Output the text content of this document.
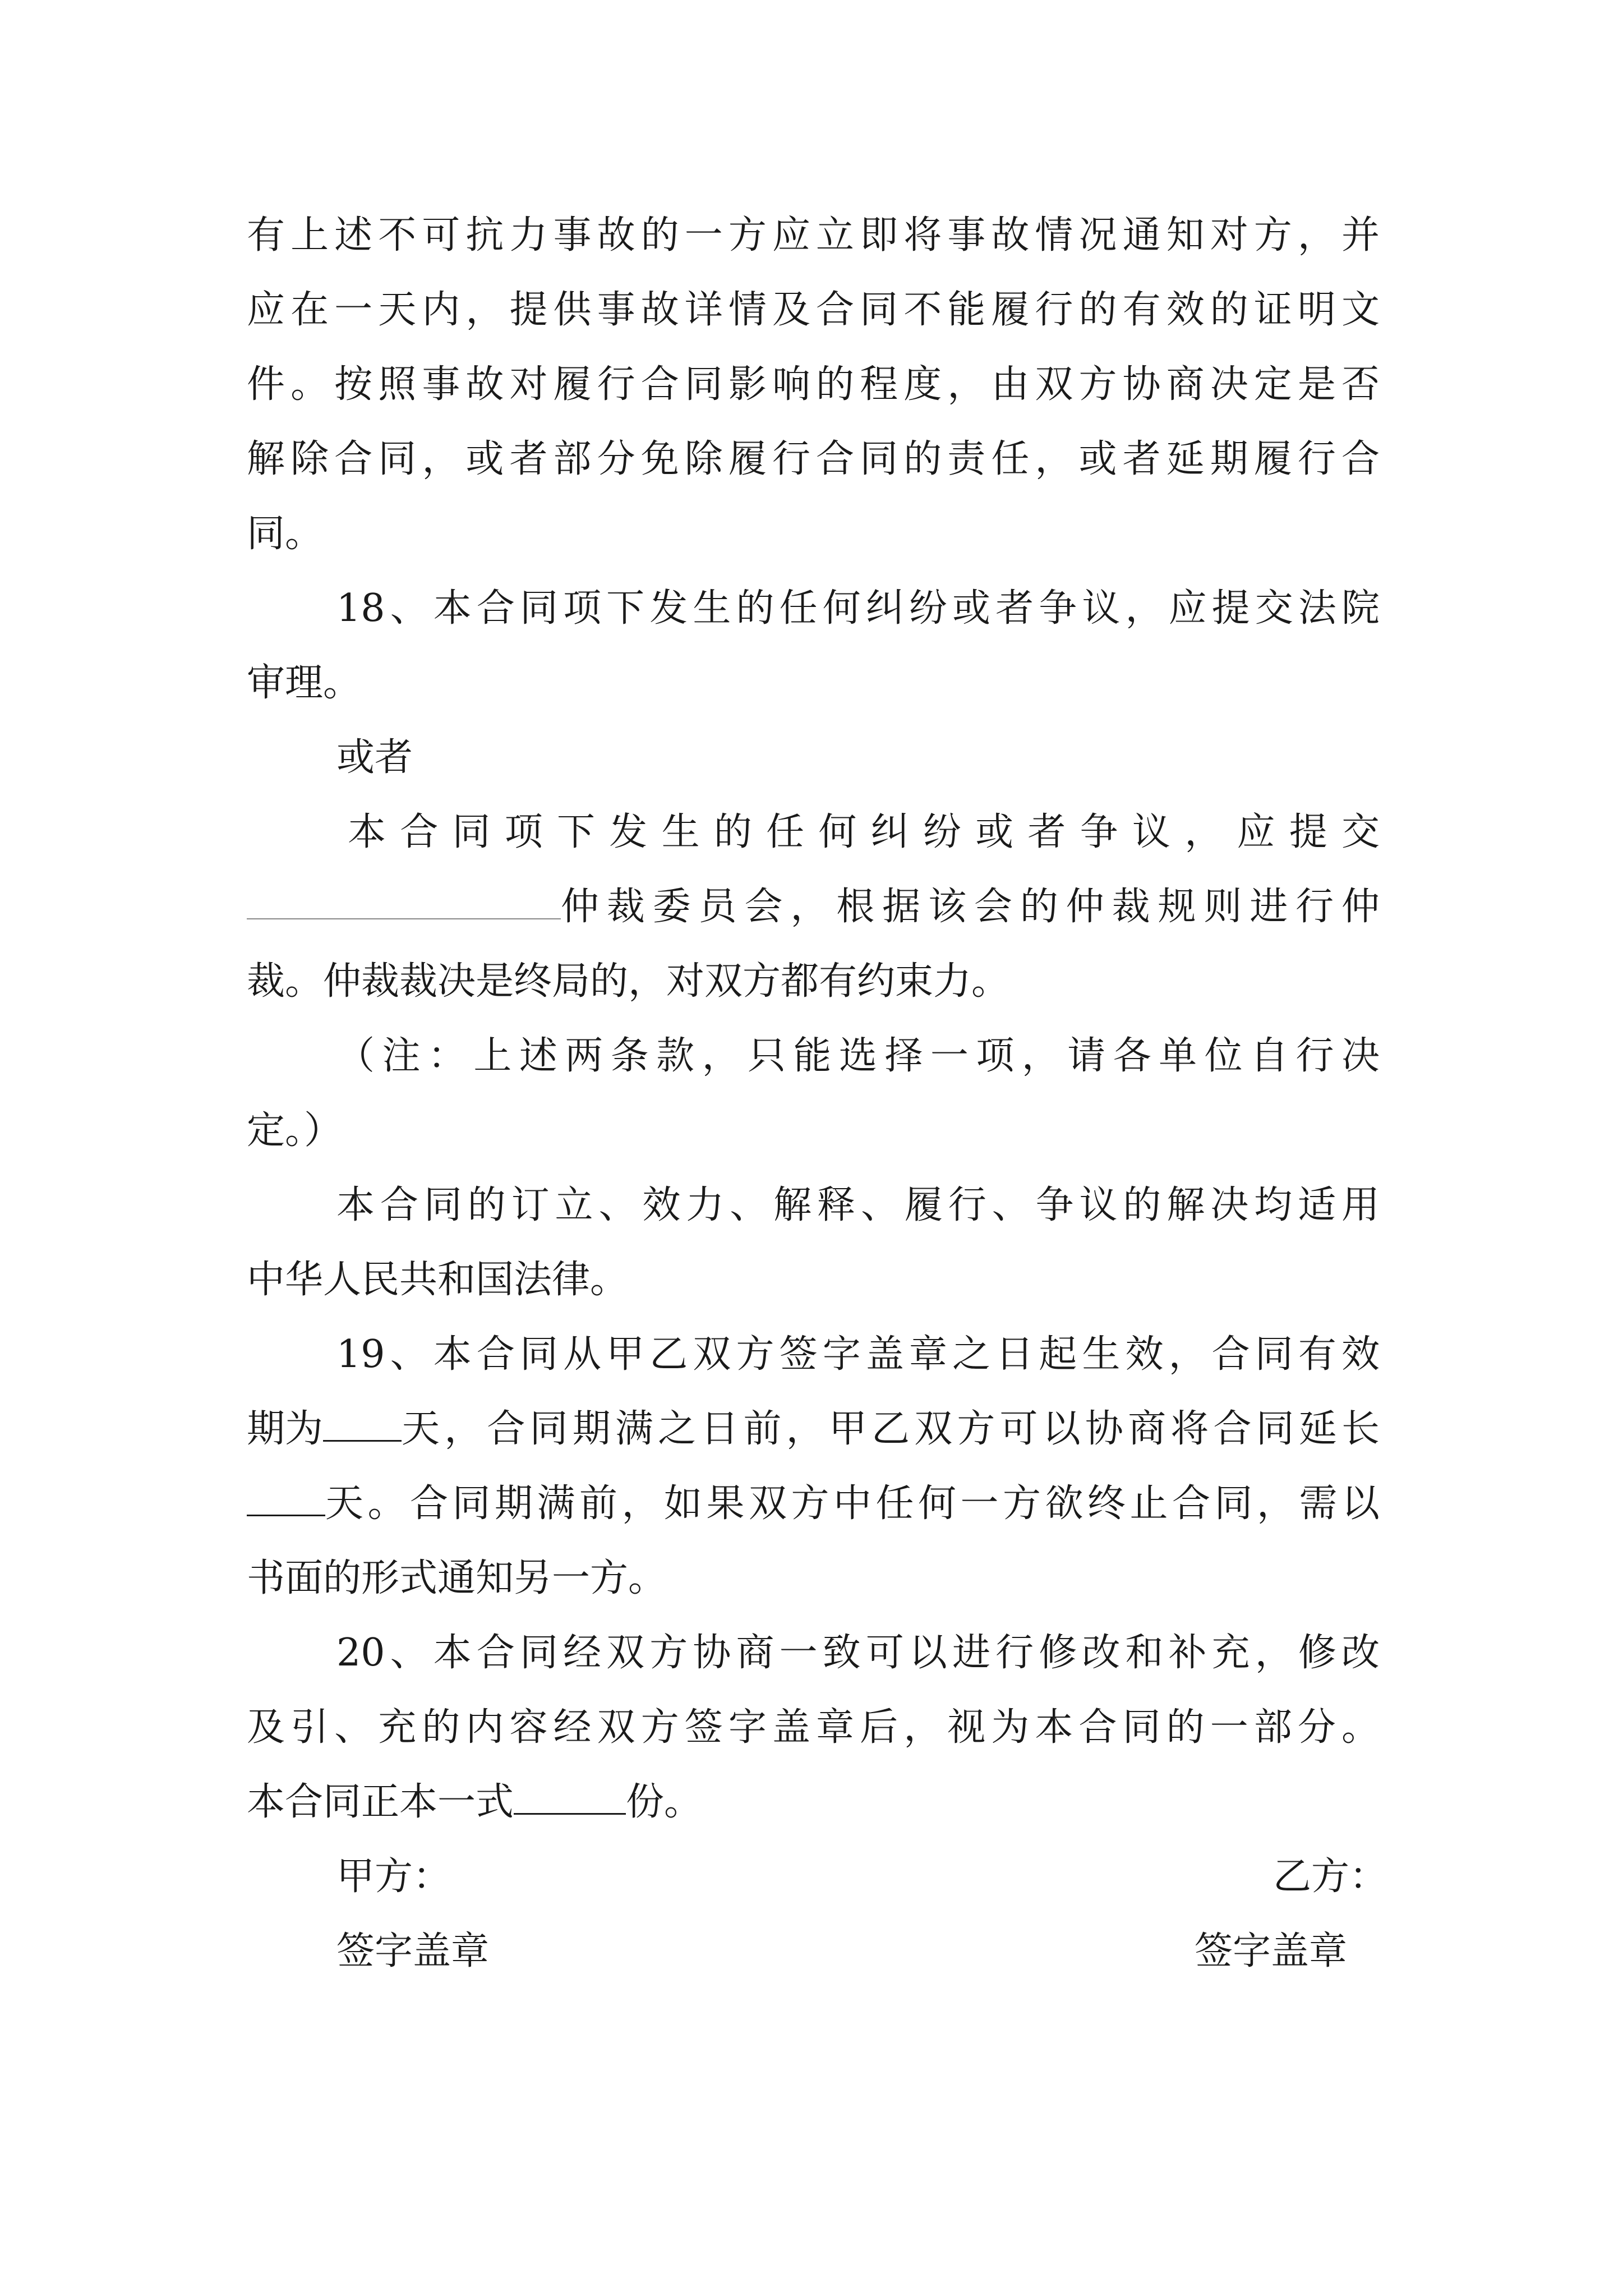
有上述不可抗力事故的一方应立即将事故情况通知对方，并
应在一天内，提供事故详情及合同不能履行的有效的证明文
件。按照事故对履行合同影响的程度，由双方协商决定是否
解除合同，或者部分免除履行合同的责任，或者延期履行合
同。
18、本合同项下发生的任何纠纷或者争议，应提交法院
审理。
或者
本合同项下发生的任何纠纷或者争议，应提交
仲裁委员会，根据该会的仲裁规则进行仲
裁。仲裁裁决是终局的，对双方都有约束力。
（注：上述两条款，只能选择一项，请各单位自行决
定。）
本合同的订立、效力、解释、履行、争议的解决均适用
中华人民共和国法律。
19、本合同从甲乙双方签字盖章之日起生效，合同有效
期为 天，合同期满之日前，甲乙双方可以协商将合同延长
天。合同期满前，如果双方中任何一方欲终止合同，需以
书面的形式通知另一方。
20、本合同经双方协商一致可以进行修改和补充，修改
及引、充的内容经双方签字盖章后，视为本合同的一部分。
本合同正本一式	份。
甲方：	乙方：
签字盖章	签字盖章
